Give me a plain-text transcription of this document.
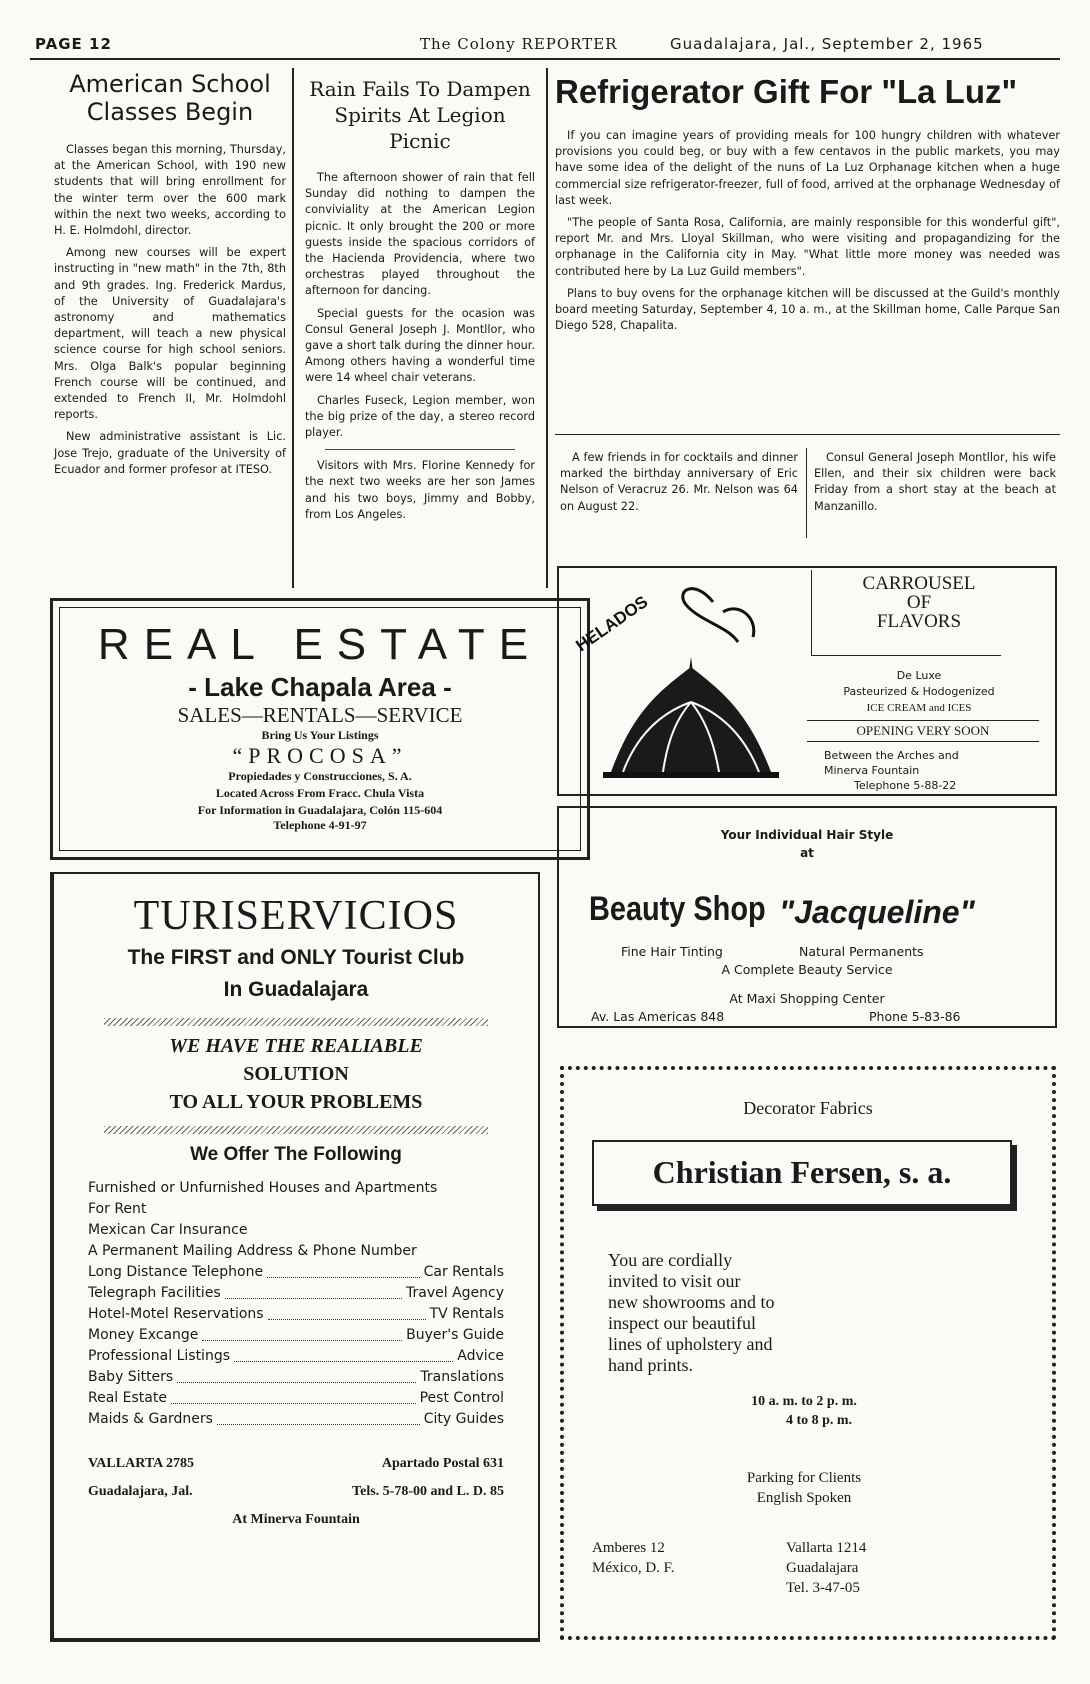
PAGE 12	The Colony REPORTER	Guadalajara, Jal., September 2, 1965
American School
Classes Begin

Classes began this morning, Thursday, at the American School, with 190 new students that will bring enrollment for the winter term over the 600 mark within the next two weeks, according to H. E. Holmdohl, director.

Among new courses will be expert instructing in "new math" in the 7th, 8th and 9th grades. Ing. Frederick Mardus, of the University of Guadalajara's astronomy and mathematics department, will teach a new physical science course for high school seniors. Mrs. Olga Balk's popular beginning French course will be continued, and extended to French II, Mr. Holmdohl reports.

New administrative assistant is Lic. Jose Trejo, graduate of the University of Ecuador and former profesor at ITESO.

Rain Fails To Dampen
Spirits At Legion Picnic

The afternoon shower of rain that fell Sunday did nothing to dampen the conviviality at the American Legion picnic. It only brought the 200 or more guests inside the spacious corridors of the Hacienda Providencia, where two orchestras played throughout the afternoon for dancing.

Special guests for the ocasion was Consul General Joseph J. Montllor, who gave a short talk during the dinner hour. Among others having a wonderful time were 14 wheel chair veterans.

Charles Fuseck, Legion member, won the big prize of the day, a stereo record player.

Visitors with Mrs. Florine Kennedy for the next two weeks are her son James and his two boys, Jimmy and Bobby, from Los Angeles.

Refrigerator Gift For "La Luz"

If you can imagine years of providing meals for 100 hungry children with whatever provisions you could beg, or buy with a few centavos in the public markets, you may have some idea of the delight of the nuns of La Luz Orphanage kitchen when a huge commercial size refrigerator-freezer, full of food, arrived at the orphanage Wednesday of last week.

"The people of Santa Rosa, California, are mainly responsible for this wonderful gift", report Mr. and Mrs. Lloyal Skillman, who were visiting and propagandizing for the orphanage in the California city in May. "What little more money was needed was contributed here by La Luz Guild members".

Plans to buy ovens for the orphanage kitchen will be discussed at the Guild's monthly board meeting Saturday, September 4, 10 a. m., at the Skillman home, Calle Parque San Diego 528, Chapalita.

A few friends in for cocktails and dinner marked the birthday anniversary of Eric Nelson of Veracruz 26. Mr. Nelson was 64 on August 22.

Consul General Joseph Montllor, his wife Ellen, and their six children were back Friday from a short stay at the beach at Manzanillo.

REAL ESTATE
- Lake Chapala Area -
SALES—RENTALS—SERVICE
Bring Us Your Listings
“PROCOSA”
Propiedades y Construcciones, S. A.
Located Across From Fracc. Chula Vista
For Information in Guadalajara, Colón 115-604
Telephone 4-91-97
HELADOS
CARROUSEL
OF
FLAVORS
De Luxe
Pasteurized & Hodogenized
ICE CREAM and ICES
OPENING VERY SOON
Between the Arches and
Minerva Fountain
Telephone 5-88-22
Your Individual Hair Style
at
Beauty Shop "Jacqueline"
Fine Hair Tinting	Natural Permanents
A Complete Beauty Service
At Maxi Shopping Center
Av. Las Americas 848	Phone 5-83-86
TURISERVICIOS
The FIRST and ONLY Tourist Club
In Guadalajara
WE HAVE THE REALIABLE
SOLUTION
TO ALL YOUR PROBLEMS
We Offer The Following
Furnished or Unfurnished Houses and Apartments
For Rent
Mexican Car Insurance
A Permanent Mailing Address & Phone Number
Long Distance Telephone	Car Rentals
Telegraph Facilities	Travel Agency
Hotel-Motel Reservations	TV Rentals
Money Excange	Buyer's Guide
Professional Listings	Advice
Baby Sitters	Translations
Real Estate	Pest Control
Maids & Gardners	City Guides
VALLARTA 2785	Apartado Postal 631
Guadalajara, Jal.	Tels. 5-78-00 and L. D. 85
At Minerva Fountain
Decorator Fabrics
Christian Fersen, s. a.
You are cordially
invited to visit our
new showrooms and to
inspect our beautiful
lines of upholstery and
hand prints.
10 a. m. to 2 p. m.
4 to 8 p. m.
Parking for Clients
English Spoken
Amberes 12
México, D. F.
Vallarta 1214
Guadalajara
Tel. 3-47-05
